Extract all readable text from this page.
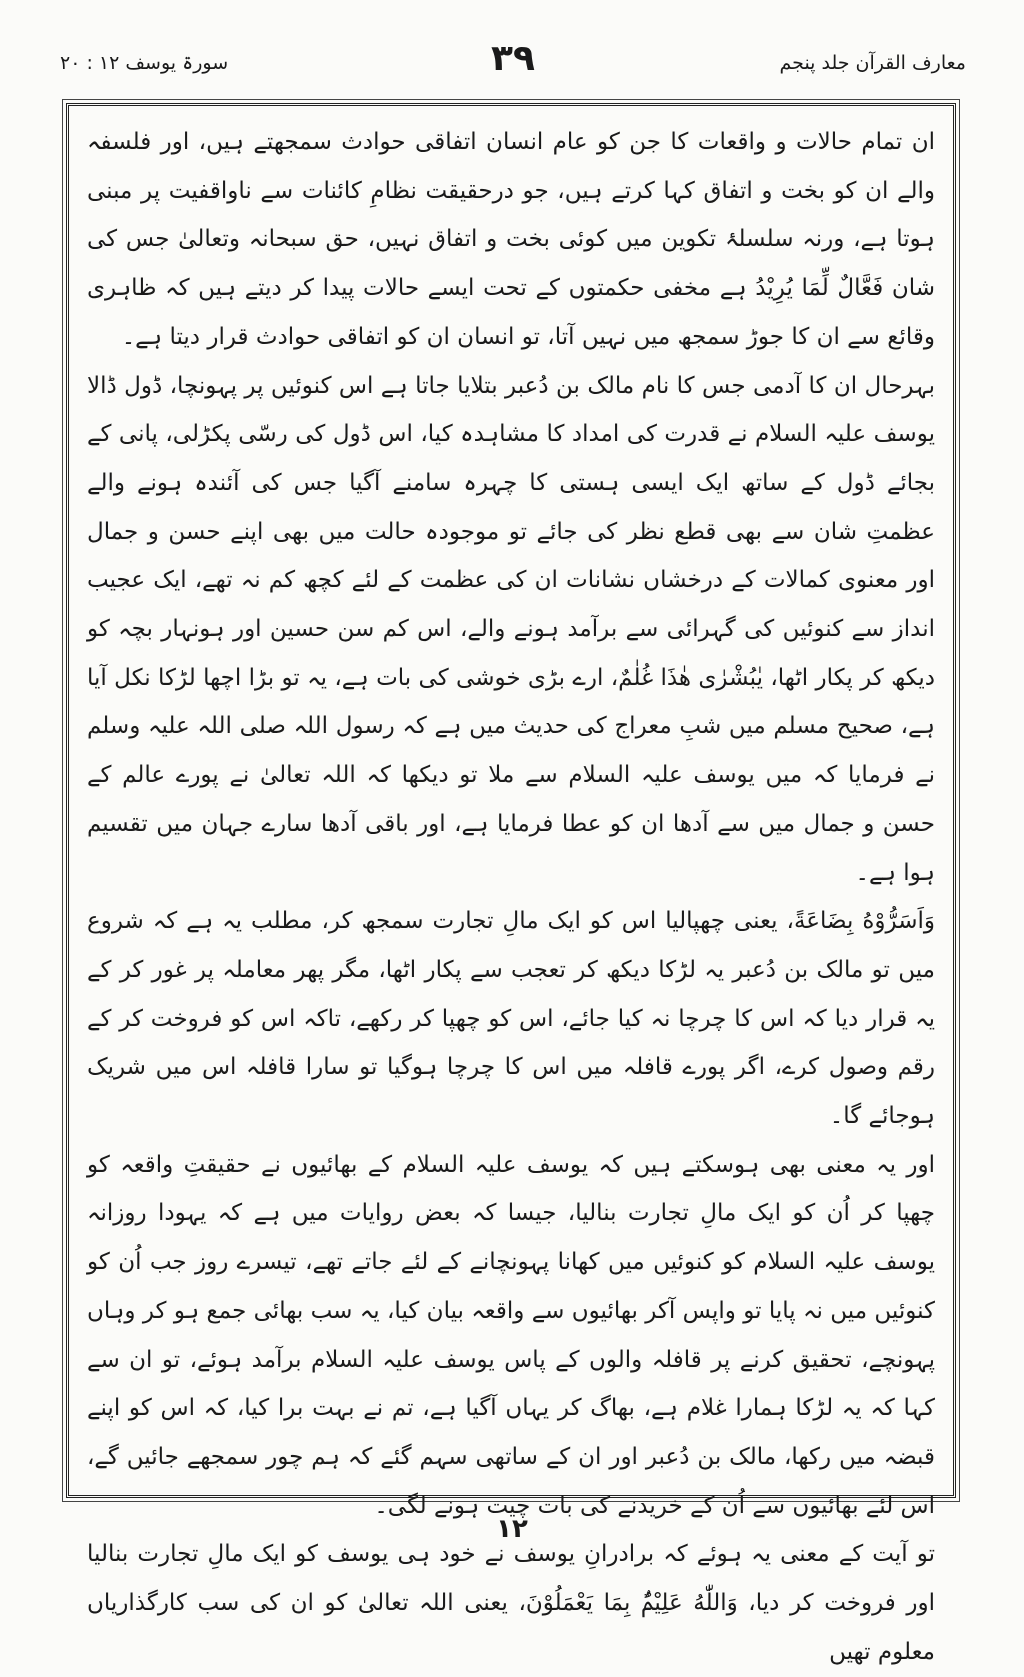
معارف القرآن جلد پنجم
۳۹
سورۃ یوسف ۱۲ : ۲۰

ان تمام حالات و واقعات کا جن کو عام انسان اتفاقی حوادث سمجھتے ہیں، اور فلسفہ والے ان کو بخت و اتفاق کہا کرتے ہیں، جو درحقیقت نظامِ کائنات سے ناواقفیت پر مبنی ہوتا ہے، ورنہ سلسلۂ تکوین میں کوئی بخت و اتفاق نہیں، حق سبحانہ وتعالیٰ جس کی شان فَعَّالٌ لِّمَا یُرِیْدُ ہے مخفی حکمتوں کے تحت ایسے حالات پیدا کر دیتے ہیں کہ ظاہری وقائع سے ان کا جوڑ سمجھ میں نہیں آتا، تو انسان ان کو اتفاقی حوادث قرار دیتا ہے۔

بہرحال ان کا آدمی جس کا نام مالک بن دُعبر بتلایا جاتا ہے اس کنوئیں پر پہونچا، ڈول ڈالا یوسف علیہ السلام نے قدرت کی امداد کا مشاہدہ کیا، اس ڈول کی رسّی پکڑلی، پانی کے بجائے ڈول کے ساتھ ایک ایسی ہستی کا چہرہ سامنے آگیا جس کی آئندہ ہونے والے عظمتِ شان سے بھی قطع نظر کی جائے تو موجودہ حالت میں بھی اپنے حسن و جمال اور معنوی کمالات کے درخشاں نشانات ان کی عظمت کے لئے کچھ کم نہ تھے، ایک عجیب انداز سے کنوئیں کی گہرائی سے برآمد ہونے والے، اس کم سن حسین اور ہونہار بچہ کو دیکھ کر پکار اٹھا، یٰبُشْرٰی هٰذَا غُلٰمٌ، ارے بڑی خوشی کی بات ہے، یہ تو بڑا اچھا لڑکا نکل آیا ہے، صحیح مسلم میں شبِ معراج کی حدیث میں ہے کہ رسول اللہ صلی اللہ علیہ وسلم نے فرمایا کہ میں یوسف علیہ السلام سے ملا تو دیکھا کہ اللہ تعالیٰ نے پورے عالم کے حسن و جمال میں سے آدھا ان کو عطا فرمایا ہے، اور باقی آدھا سارے جہان میں تقسیم ہوا ہے۔

وَاَسَرُّوْهُ بِضَاعَةً، یعنی چھپالیا اس کو ایک مالِ تجارت سمجھ کر، مطلب یہ ہے کہ شروع میں تو مالک بن دُعبر یہ لڑکا دیکھ کر تعجب سے پکار اٹھا، مگر پھر معاملہ پر غور کر کے یہ قرار دیا کہ اس کا چرچا نہ کیا جائے، اس کو چھپا کر رکھے، تاکہ اس کو فروخت کر کے رقم وصول کرے، اگر پورے قافلہ میں اس کا چرچا ہوگیا تو سارا قافلہ اس میں شریک ہوجائے گا۔

اور یہ معنی بھی ہوسکتے ہیں کہ یوسف علیہ السلام کے بھائیوں نے حقیقتِ واقعہ کو چھپا کر اُن کو ایک مالِ تجارت بنالیا، جیسا کہ بعض روایات میں ہے کہ یہودا روزانہ یوسف علیہ السلام کو کنوئیں میں کھانا پہونچانے کے لئے جاتے تھے، تیسرے روز جب اُن کو کنوئیں میں نہ پایا تو واپس آکر بھائیوں سے واقعہ بیان کیا، یہ سب بھائی جمع ہو کر وہاں پہونچے، تحقیق کرنے پر قافلہ والوں کے پاس یوسف علیہ السلام برآمد ہوئے، تو ان سے کہا کہ یہ لڑکا ہمارا غلام ہے، بھاگ کر یہاں آگیا ہے، تم نے بہت برا کیا، کہ اس کو اپنے قبضہ میں رکھا، مالک بن دُعبر اور ان کے ساتھی سہم گئے کہ ہم چور سمجھے جائیں گے، اس لئے بھائیوں سے اُن کے خریدنے کی بات چیت ہونے لگی۔

تو آیت کے معنی یہ ہوئے کہ برادرانِ یوسف نے خود ہی یوسف کو ایک مالِ تجارت بنالیا اور فروخت کر دیا، وَاللّٰهُ عَلِیْمٌۢ بِمَا یَعْمَلُوْنَ، یعنی اللہ تعالیٰ کو ان کی سب کارگذاریاں معلوم تھیں

۱۲
